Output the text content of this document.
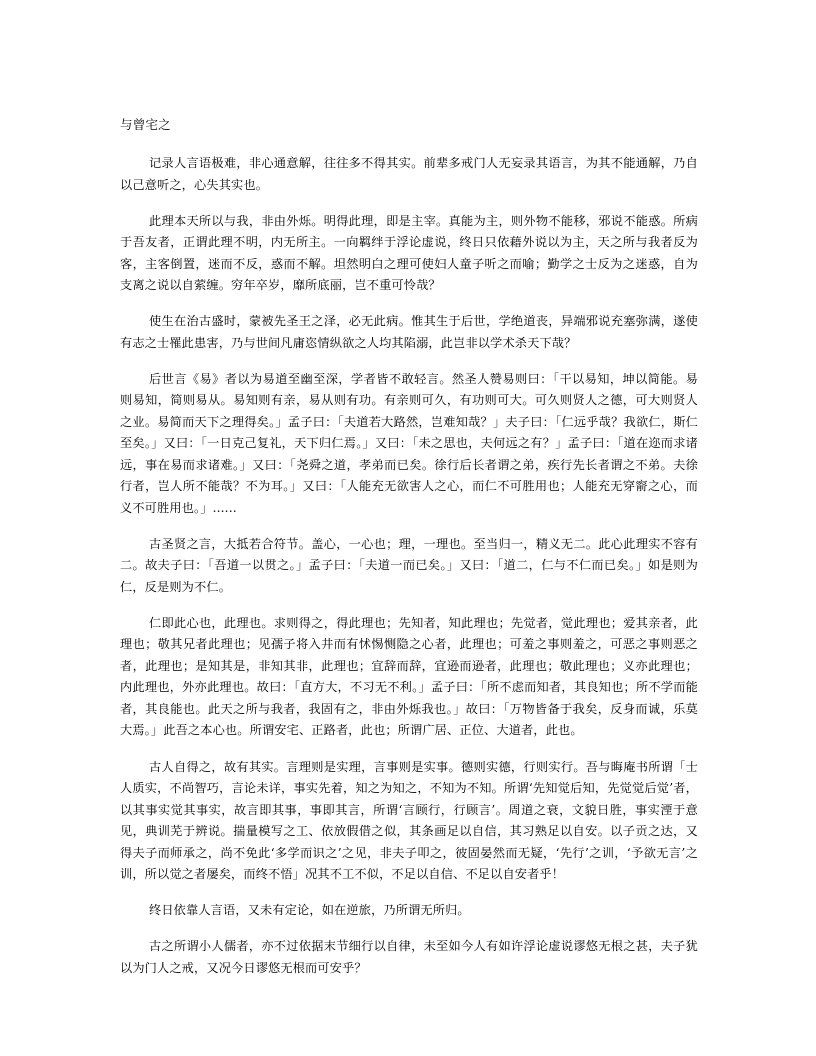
与曾宅之

记录人言语极难，非心通意解，往往多不得其实。前辈多戒门人无妄录其语言，为其不能通解，乃自以己意听之，心失其实也。

此理本天所以与我，非由外烁。明得此理，即是主宰。真能为主，则外物不能移，邪说不能惑。所病于吾友者，正谓此理不明，内无所主。一向羁绊于浮论虚说，终日只依藉外说以为主，天之所与我者反为客，主客倒置，迷而不反，惑而不解。坦然明白之理可使妇人童子听之而喻；勤学之士反为之迷惑，自为支离之说以自萦缠。穷年卒岁，靡所底丽，岂不重可怜哉？

使生在治古盛时，蒙被先圣王之泽，必无此病。惟其生于后世，学绝道丧，异端邪说充塞弥满，遂使有志之士罹此患害，乃与世间凡庸恣情纵欲之人均其陷溺，此岂非以学术杀天下哉？

后世言《易》者以为易道至幽至深，学者皆不敢轻言。然圣人赞易则曰：「干以易知，坤以简能。易则易知，简则易从。易知则有亲，易从则有功。有亲则可久，有功则可大。可久则贤人之德，可大则贤人之业。易简而天下之理得矣。」孟子曰：「夫道若大路然，岂难知哉？」夫子曰：「仁远乎哉？我欲仁，斯仁至矣。」又曰：「一日克己复礼，天下归仁焉。」又曰：「未之思也，夫何远之有？」孟子曰：「道在迩而求诸远，事在易而求诸难。」又曰：「尧舜之道，孝弟而已矣。徐行后长者谓之弟，疾行先长者谓之不弟。夫徐行者，岂人所不能哉？不为耳。」又曰：「人能充无欲害人之心，而仁不可胜用也；人能充无穿窬之心，而义不可胜用也。」......

古圣贤之言，大抵若合符节。盖心，一心也；理，一理也。至当归一，精义无二。此心此理实不容有二。故夫子曰：「吾道一以贯之。」孟子曰：「夫道一而已矣。」又曰：「道二，仁与不仁而已矣。」如是则为仁，反是则为不仁。

仁即此心也，此理也。求则得之，得此理也；先知者，知此理也；先觉者，觉此理也；爱其亲者，此理也；敬其兄者此理也；见孺子将入井而有怵惕恻隐之心者，此理也；可羞之事则羞之，可恶之事则恶之者，此理也；是知其是，非知其非，此理也；宜辞而辞，宜逊而逊者，此理也；敬此理也；义亦此理也；内此理也，外亦此理也。故曰：「直方大，不习无不利。」孟子曰：「所不虑而知者，其良知也；所不学而能者，其良能也。此天之所与我者，我固有之，非由外烁我也。」故曰：「万物皆备于我矣，反身而诚，乐莫大焉。」此吾之本心也。所谓安宅、正路者，此也；所谓广居、正位、大道者，此也。

古人自得之，故有其实。言理则是实理，言事则是实事。德则实德，行则实行。吾与晦庵书所谓「士人质实，不尚智巧，言论未详，事实先着，知之为知之，不知为不知。所谓‘先知觉后知，先觉觉后觉’者，以其事实觉其事实，故言即其事，事即其言，所谓‘言顾行，行顾言’。周道之衰，文貌日胜，事实湮于意见，典训芜于辨说。揣量模写之工、依放假借之似，其条画足以自信，其习熟足以自安。以子贡之达，又得夫子而师承之，尚不免此‘多学而识之’之见，非夫子叩之，彼固晏然而无疑，‘先行’之训，‘予欲无言’之训，所以觉之者屡矣，而终不悟」况其不工不似，不足以自信、不足以自安者乎！

终日依靠人言语，又未有定论，如在逆旅，乃所谓无所归。

古之所谓小人儒者，亦不过依据末节细行以自律，未至如今人有如许浮论虚说谬悠无根之甚，夫子犹以为门人之戒，又况今日谬悠无根而可安乎？
